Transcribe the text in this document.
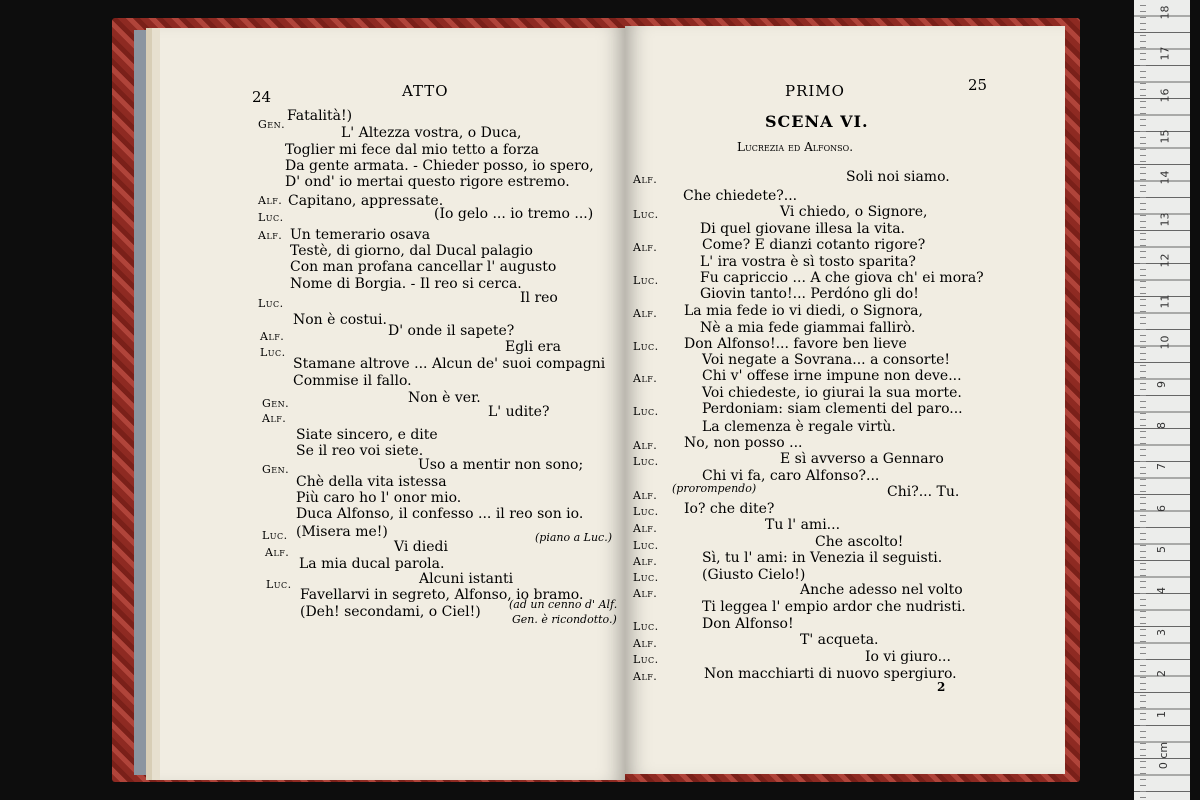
24	ATTO
Fatalità!)
Gen.
L' Altezza vostra, o Duca,
Toglier mi fece dal mio tetto a forza
Da gente armata. - Chieder posso, io spero,
D' ond' io mertai questo rigore estremo.
Alf. Capitano, appressate.
Luc.	(Io gelo ... io tremo ...)
Alf. Un temerario osava
Testè, di giorno, dal Ducal palagio
Con man profana cancellar l' augusto
Nome di Borgia. - Il reo si cerca.
Il reo
Luc.
Non è costui.
Alf.	D' onde il sapete?
Egli era
Luc.
Stamane altrove ... Alcun de' suoi compagni
Commise il fallo.
Non è ver.
Gen.
L' udite?
Alf.
Siate sincero, e dite
Se il reo voi siete.
Uso a mentir non sono;
Gen.
Chè della vita istessa
Più caro ho l' onor mio.
Duca Alfonso, il confesso ... il reo son io.
Luc. (Misera me!)
Vi diedi
Alf.
La mia ducal parola.
Alcuni istanti
Luc.
Favellarvi in segreto, Alfonso, io bramo.
(Deh! secondami, o Ciel!)
PRIMO	25
SCENA VI.
Lucrezia ed Alfonso.
Alf.	Soli noi siamo.
Che chiedete?...
Luc.	Vi chiedo, o Signore,
Di quel giovane illesa la vita.
Alf.	Come? E dianzi cotanto rigore?
L' ira vostra è sì tosto sparita?
Luc.	Fu capriccio ... A che giova ch' ei mora?
Giovin tanto!... Perdóno gli do!
Alf. La mia fede io vi diedi, o Signora,
Nè a mia fede giammai fallirò.
Luc. Don Alfonso!... favore ben lieve
Voi negate a Sovrana... a consorte!
Alf.	Chi v' offese irne impune non deve...
Voi chiedeste, io giurai la sua morte.
Luc.	Perdoniam: siam clementi del paro...
La clemenza è regale virtù.
Alf. No, non posso ...
Luc.	E sì avverso a Gennaro
Chi vi fa, caro Alfonso?...
Alf.	Chi?... Tu.
Luc. Io? che dite?
Alf.	Tu l' ami...
Luc.	Che ascolto!
Alf.	Sì, tu l' ami: in Venezia il seguisti.
Luc.	(Giusto Cielo!)
Alf.	Anche adesso nel volto
Ti leggea l' empio ardor che nudristi.
Luc.	Don Alfonso!
Alf.	T' acqueta.
Luc.	Io vi giuro...
Alf.	Non macchiarti di nuovo spergiuro.
2
(piano a Luc.)
(ad un cenno d' Alf.
Gen. è ricondotto.)
(prorompendo)
18
17
16
15
14
13
12
11
10
9
8
7
6
5
4
3
2
1
0 cm
